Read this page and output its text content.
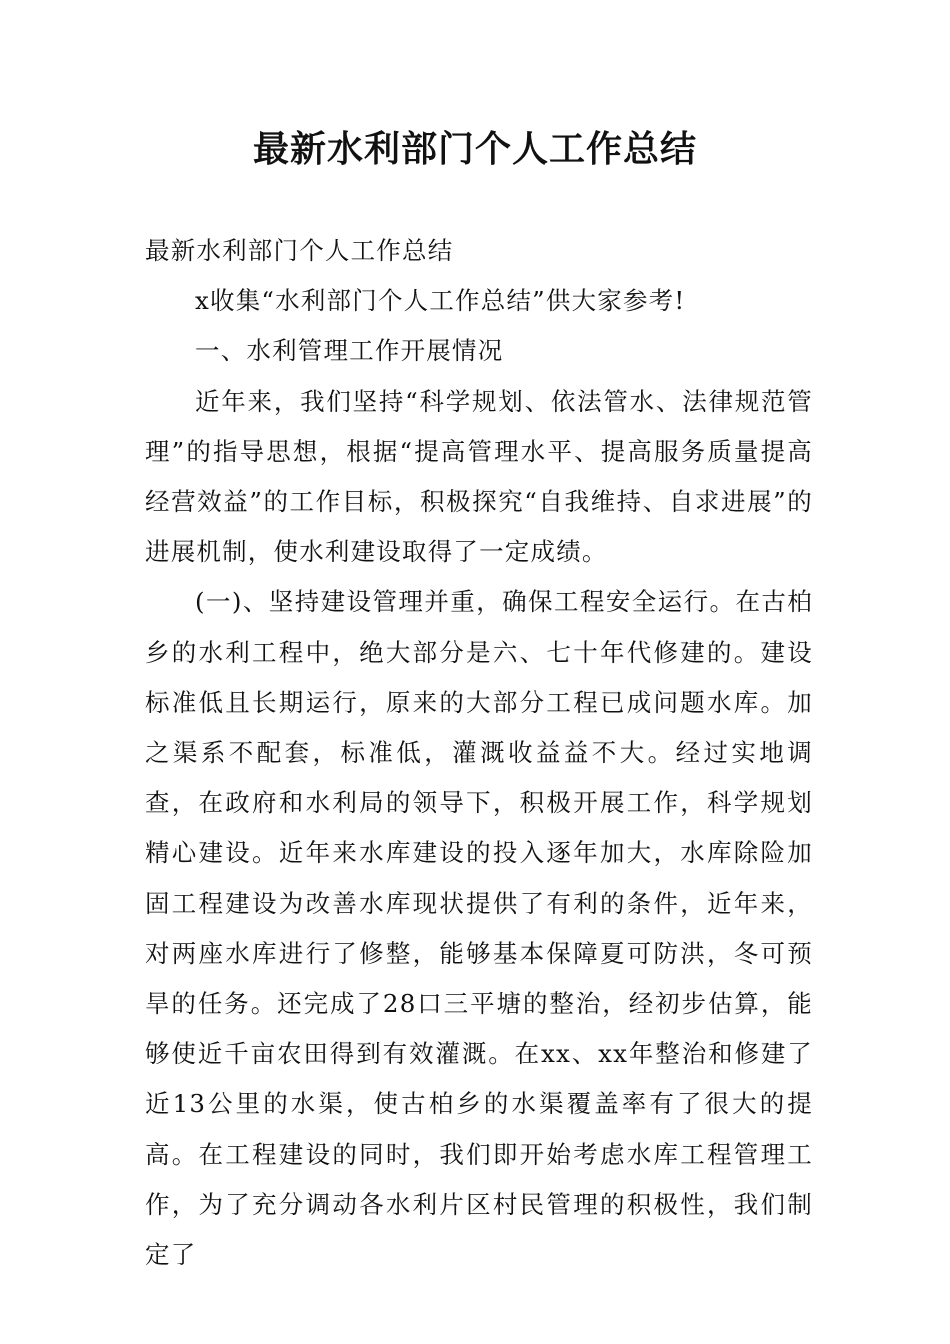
最新水利部门个人工作总结

最新水利部门个人工作总结

x收集“水利部门个人工作总结”供大家参考!

一、水利管理工作开展情况

近年来，我们坚持“科学规划、依法管水、法律规范管理”的指导思想，根据“提高管理水平、提高服务质量提高经营效益”的工作目标，积极探究“自我维持、自求进展”的进展机制，使水利建设取得了一定成绩。

(一)、坚持建设管理并重，确保工程安全运行。在古柏乡的水利工程中，绝大部分是六、七十年代修建的。建设标准低且长期运行，原来的大部分工程已成问题水库。加之渠系不配套，标准低，灌溉收益益不大。经过实地调查，在政府和水利局的领导下，积极开展工作，科学规划精心建设。近年来水库建设的投入逐年加大，水库除险加固工程建设为改善水库现状提供了有利的条件，近年来，对两座水库进行了修整，能够基本保障夏可防洪，冬可预旱的任务。还完成了28口三平塘的整治，经初步估算，能够使近千亩农田得到有效灌溉。在xx、xx年整治和修建了近13公里的水渠，使古柏乡的水渠覆盖率有了很大的提高。在工程建设的同时，我们即开始考虑水库工程管理工作，为了充分调动各水利片区村民管理的积极性，我们制定了
